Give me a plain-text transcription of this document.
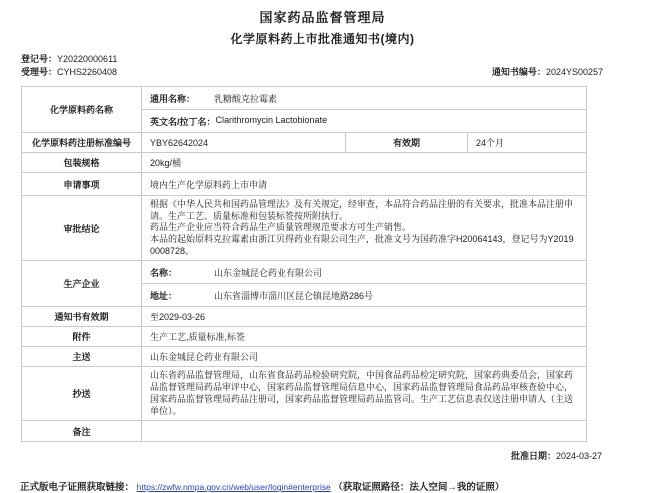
国家药品监督管理局
化学原料药上市批准通知书(境内)
登记号：Y20220000611
受理号：CYHS2260408	通知书编号：2024YS00257
化学原料药名称	通用名称： 乳糖酸克拉霉素		
	英文名/拉丁名：Clarithromycin Lactobionate		
化学原料药注册标准编号	YBY62642024	有效期	24个月
包装规格	20kg/桶		
申请事项	境内生产化学原料药上市申请		
审批结论	根据《中华人民共和国药品管理法》及有关规定，经审查，本品符合药品注册的有关要求，批准本品注册申请。生产工艺、质量标准和包装标签按所附执行。
药品生产企业应当符合药品生产质量管理规范要求方可生产销售。
本品的起始原料克拉霉素由浙江贝得药业有限公司生产，批准文号为国药准字H20064143，登记号为Y20190008728。		

生产企业	名称： 山东金城昆仑药业有限公司		
	地址： 山东省淄博市淄川区昆仑镇昆地路286号		
通知书有效期	至2029-03-26		
附件	生产工艺,质量标准,标签		
主送	山东金城昆仑药业有限公司		
抄送	山东省药品监督管理局，山东省食品药品检验研究院，中国食品药品检定研究院，国家药典委员会，国家药品监督管理局药品审评中心，国家药品监督管理局信息中心，国家药品监督管理局食品药品审核查验中心，国家药品监督管理局药品注册司，国家药品监督管理局药品监管司。生产工艺信息表仅送注册申请人（主送单位）。		
备注			
批准日期：2024-03-27
正式版电子证照获取链接： https://zwfw.nmpa.gov.cn/web/user/login#enterprise （获取证照路径：法人空间→我的证照）
